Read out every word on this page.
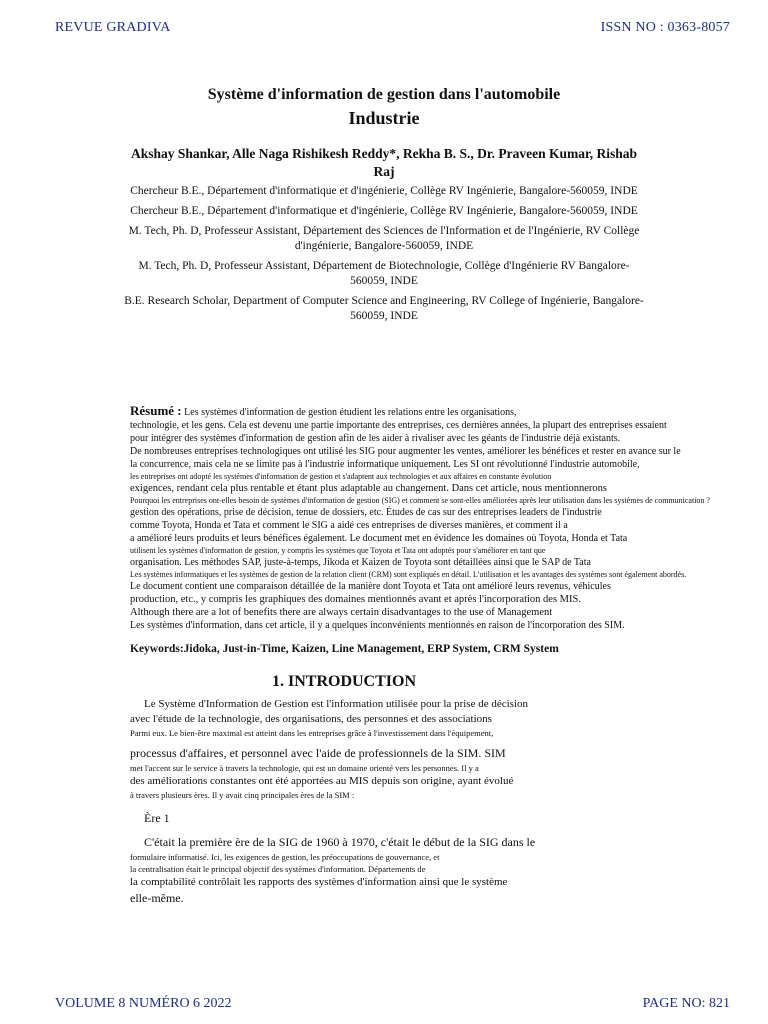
REVUE GRADIVA	ISSN NO : 0363-8057
Système d'information de gestion dans l'automobile
Industrie
Akshay Shankar, Alle Naga Rishikesh Reddy*, Rekha B. S., Dr. Praveen Kumar, Rishab Raj
Chercheur B.E., Département d'informatique et d'ingénierie, Collège RV Ingénierie, Bangalore-560059, INDE
Chercheur B.E., Département d'informatique et d'ingénierie, Collège RV Ingénierie, Bangalore-560059, INDE
M. Tech, Ph. D, Professeur Assistant, Département des Sciences de l'Information et de l'Ingénierie, RV Collège d'ingénierie, Bangalore-560059, INDE
M. Tech, Ph. D, Professeur Assistant, Département de Biotechnologie, Collège d'Ingénierie RV Bangalore-560059, INDE
B.E. Research Scholar, Department of Computer Science and Engineering, RV College of Ingénierie, Bangalore-560059, INDE
Résumé : Les systèmes d'information de gestion étudient les relations entre les organisations,
technologie, et les gens. Cela est devenu une partie importante des entreprises, ces dernières années, la plupart des entreprises essaient
pour intégrer des systèmes d'information de gestion afin de les aider à rivaliser avec les géants de l'industrie déjà existants.
De nombreuses entreprises technologiques ont utilisé les SIG pour augmenter les ventes, améliorer les bénéfices et rester en avance sur le
la concurrence, mais cela ne se limite pas à l'industrie informatique uniquement. Les SI ont révolutionné l'industrie automobile,
les entreprises ont adopté les systèmes d'information de gestion et s'adaptent aux technologies et aux affaires en constante évolution
exigences, rendant cela plus rentable et étant plus adaptable au changement. Dans cet article, nous mentionnerons
Pourquoi les entreprises ont-elles besoin de systèmes d'information de gestion (SIG) et comment se sont-elles améliorées après leur utilisation dans les systèmes de communication ?
gestion des opérations, prise de décision, tenue de dossiers, etc. Études de cas sur des entreprises leaders de l'industrie
comme Toyota, Honda et Tata et comment le SIG a aidé ces entreprises de diverses manières, et comment il a
a amélioré leurs produits et leurs bénéfices également. Le document met en évidence les domaines où Toyota, Honda et Tata
utilisent les systèmes d'information de gestion, y compris les systèmes que Toyota et Tata ont adoptés pour s'améliorer en tant que
organisation. Les méthodes SAP, juste-à-temps, Jikoda et Kaizen de Toyota sont détaillées ainsi que le SAP de Tata
Les systèmes informatiques et les systèmes de gestion de la relation client (CRM) sont expliqués en détail. L'utilisation et les avantages des systèmes sont également abordés.
Le document contient une comparaison détaillée de la manière dont Toyota et Tata ont amélioré leurs revenus, véhicules
production, etc., y compris les graphiques des domaines mentionnés avant et après l'incorporation des MIS.
Although there are a lot of benefits there are always certain disadvantages to the use of Management
Les systèmes d'information, dans cet article, il y a quelques inconvénients mentionnés en raison de l'incorporation des SIM.
Keywords:Jidoka, Just-in-Time, Kaizen, Line Management, ERP System, CRM System
1. INTRODUCTION
Le Système d'Information de Gestion est l'information utilisée pour la prise de décision
avec l'étude de la technologie, des organisations, des personnes et des associations
Parmi eux. Le bien-être maximal est atteint dans les entreprises grâce à l'investissement dans l'équipement,
processus d'affaires, et personnel avec l'aide de professionnels de la SIM. SIM
met l'accent sur le service à travers la technologie, qui est un domaine orienté vers les personnes. Il y a
des améliorations constantes ont été apportées au MIS depuis son origine, ayant évolué
à travers plusieurs ères. Il y avait cinq principales ères de la SIM :
Ère 1
C'était la première ère de la SIG de 1960 à 1970, c'était le début de la SIG dans le
formulaire informatisé. Ici, les exigences de gestion, les préoccupations de gouvernance, et
la centralisation était le principal objectif des systèmes d'information. Départements de
la comptabilité contrôlait les rapports des systèmes d'information ainsi que le système
elle-même.
VOLUME 8 NUMÉRO 6 2022	PAGE NO: 821
